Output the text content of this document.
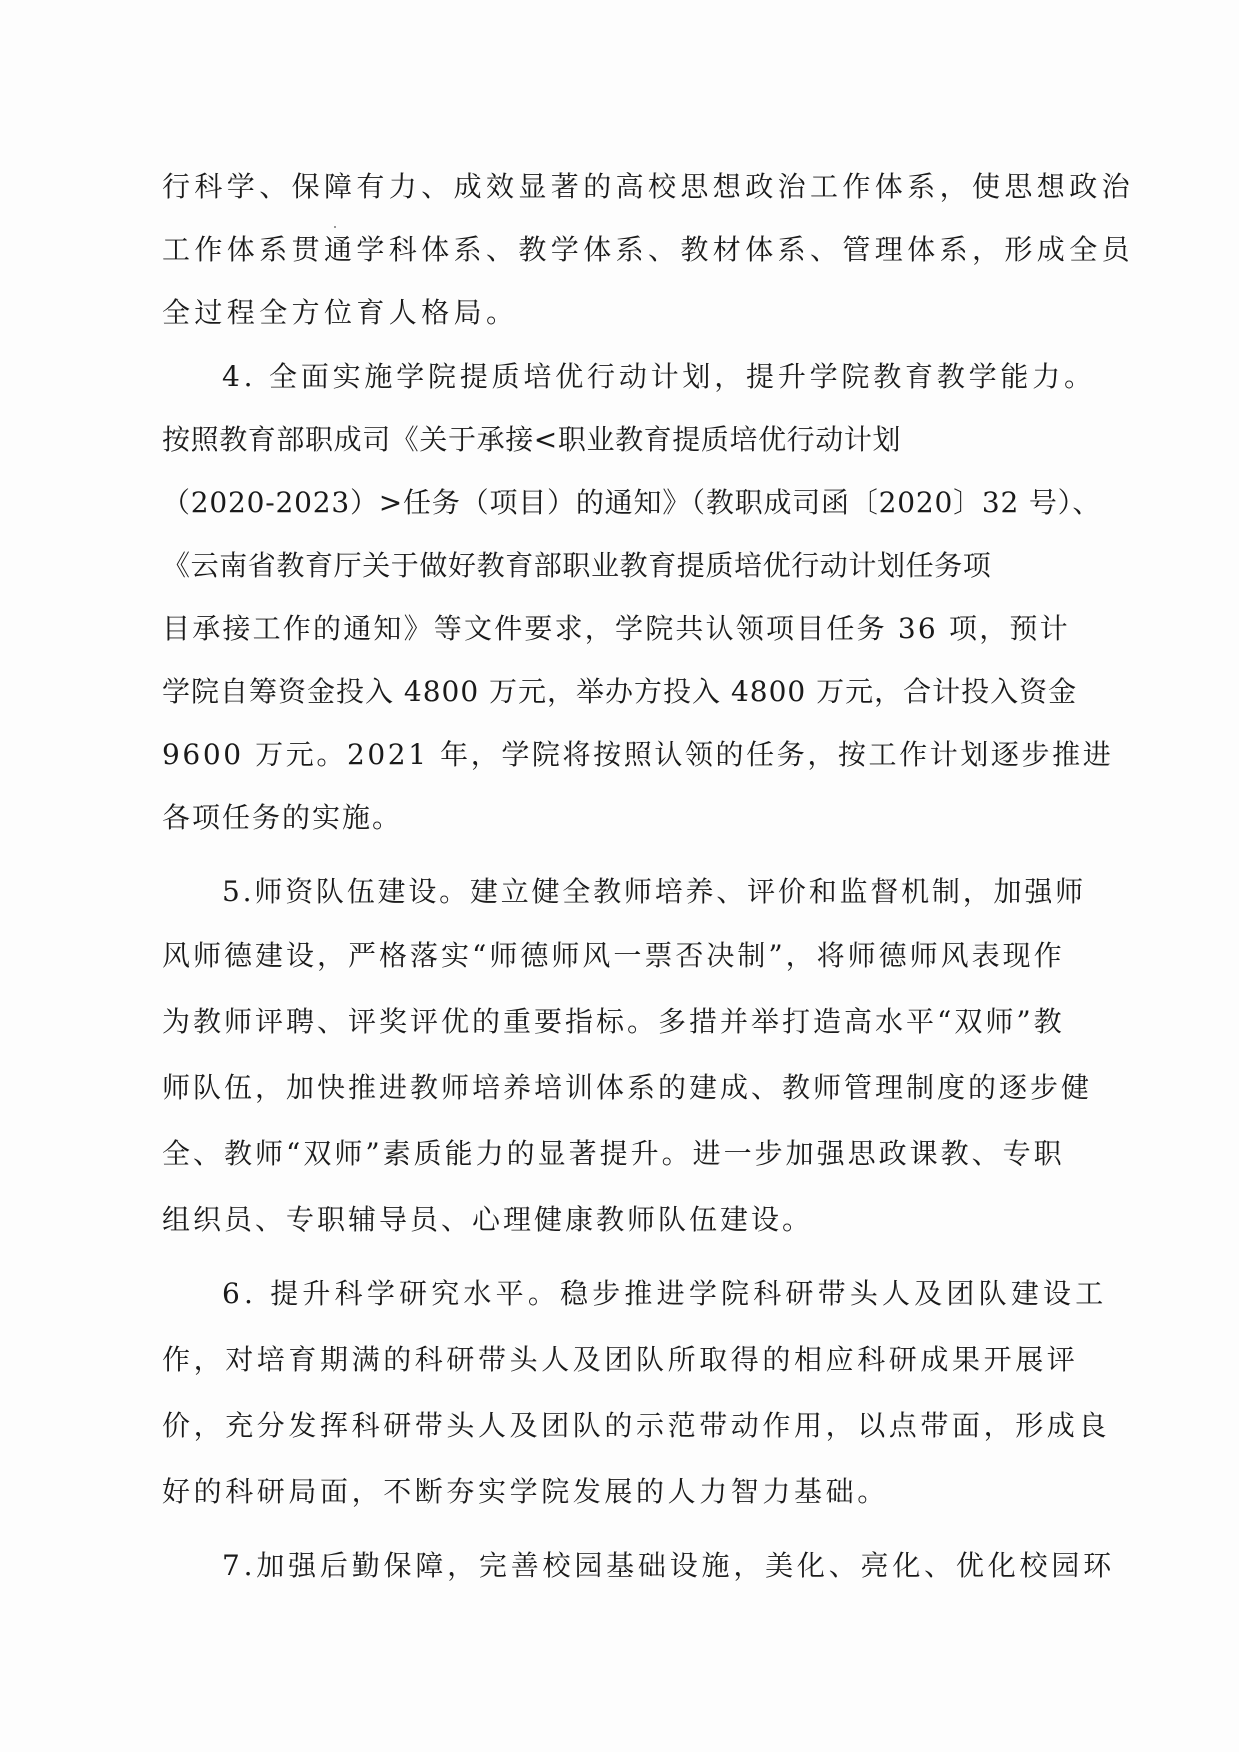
行科学、保障有力、成效显著的高校思想政治工作体系，使思想政治

工作体系贯通学科体系、教学体系、教材体系、管理体系，形成全员

全过程全方位育人格局。

4. 全面实施学院提质培优行动计划，提升学院教育教学能力。

按照教育部职成司《关于承接<职业教育提质培优行动计划

（2020-2023）>任务（项目）的通知》（教职成司函〔2020〕32 号）、

《云南省教育厅关于做好教育部职业教育提质培优行动计划任务项

目承接工作的通知》等文件要求，学院共认领项目任务 36 项，预计

学院自筹资金投入 4800 万元，举办方投入 4800 万元，合计投入资金

9600 万元。2021 年，学院将按照认领的任务，按工作计划逐步推进

各项任务的实施。

5.师资队伍建设。建立健全教师培养、评价和监督机制，加强师

风师德建设，严格落实“师德师风一票否决制”，将师德师风表现作

为教师评聘、评奖评优的重要指标。多措并举打造高水平“双师”教

师队伍，加快推进教师培养培训体系的建成、教师管理制度的逐步健

全、教师“双师”素质能力的显著提升。进一步加强思政课教、专职

组织员、专职辅导员、心理健康教师队伍建设。

6. 提升科学研究水平。稳步推进学院科研带头人及团队建设工

作，对培育期满的科研带头人及团队所取得的相应科研成果开展评

价，充分发挥科研带头人及团队的示范带动作用，以点带面，形成良

好的科研局面，不断夯实学院发展的人力智力基础。

7.加强后勤保障，完善校园基础设施，美化、亮化、优化校园环
